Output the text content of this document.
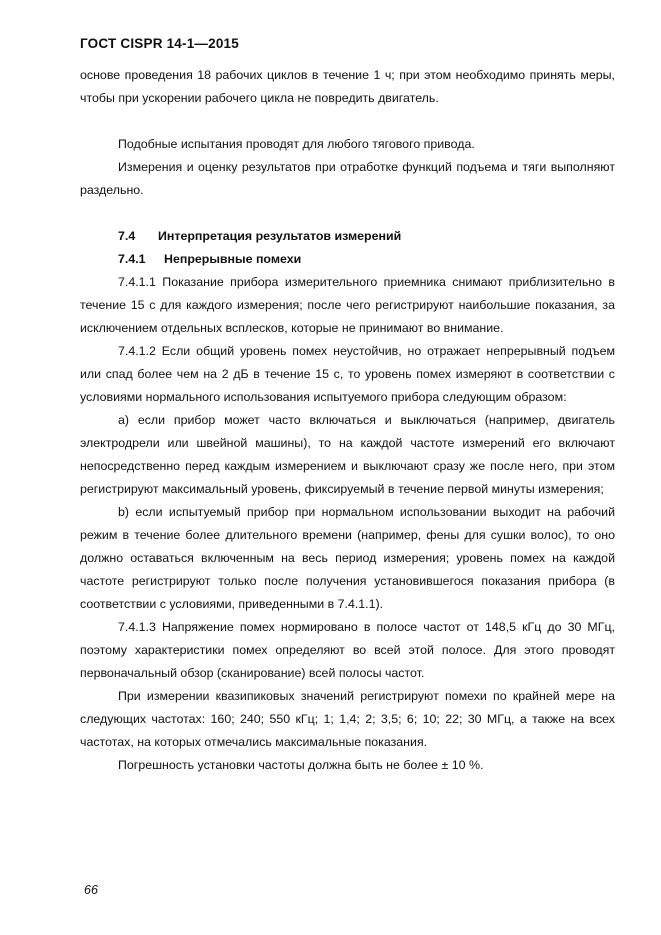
ГОСТ CISPR 14-1—2015

основе проведения 18 рабочих циклов в течение 1 ч; при этом необходимо принять меры, чтобы при ускорении рабочего цикла не повредить двигатель.

Подобные испытания проводят для любого тягового привода.

Измерения и оценку результатов при отработке функций подъема и тяги выполняют раздельно.

7.4 Интерпретация результатов измерений

7.4.1 Непрерывные помехи

7.4.1.1 Показание прибора измерительного приемника снимают приблизительно в течение 15 с для каждого измерения; после чего регистрируют наибольшие показания, за исключением отдельных всплесков, которые не принимают во внимание.

7.4.1.2 Если общий уровень помех неустойчив, но отражает непрерывный подъем или спад более чем на 2 дБ в течение 15 с, то уровень помех измеряют в соответствии с условиями нормального использования испытуемого прибора следующим образом:

а) если прибор может часто включаться и выключаться (например, двигатель электродрели или швейной машины), то на каждой частоте измерений его включают непосредственно перед каждым измерением и выключают сразу же после него, при этом регистрируют максимальный уровень, фиксируемый в течение первой минуты измерения;

b) если испытуемый прибор при нормальном использовании выходит на рабочий режим в течение более длительного времени (например, фены для сушки волос), то оно должно оставаться включенным на весь период измерения; уровень помех на каждой частоте регистрируют только после получения установившегося показания прибора (в соответствии с условиями, приведенными в 7.4.1.1).

7.4.1.3 Напряжение помех нормировано в полосе частот от 148,5 кГц до 30 МГц, поэтому характеристики помех определяют во всей этой полосе. Для этого проводят первоначальный обзор (сканирование) всей полосы частот.

При измерении квазипиковых значений регистрируют помехи по крайней мере на следующих частотах: 160; 240; 550 кГц; 1; 1,4; 2; 3,5; 6; 10; 22; 30 МГц, а также на всех частотах, на которых отмечались максимальные показания.

Погрешность установки частоты должна быть не более ± 10 %.

66
